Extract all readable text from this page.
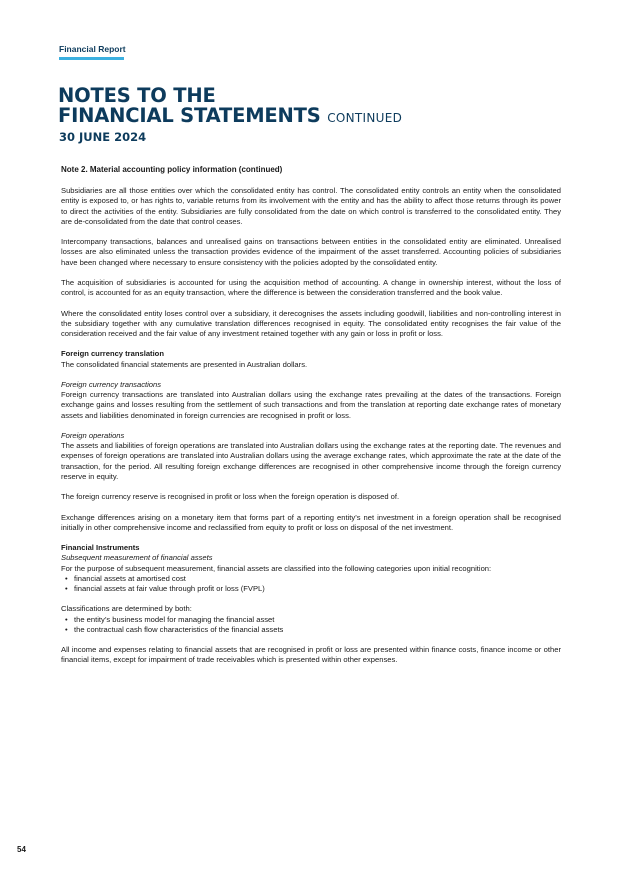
Financial Report
NOTES TO THE
FINANCIAL STATEMENTS CONTINUED
30 JUNE 2024

Note 2. Material accounting policy information (continued)

Subsidiaries are all those entities over which the consolidated entity has control. The consolidated entity controls an entity when the consolidated entity is exposed to, or has rights to, variable returns from its involvement with the entity and has the ability to affect those returns through its power to direct the activities of the entity. Subsidiaries are fully consolidated from the date on which control is transferred to the consolidated entity. They are de-consolidated from the date that control ceases.

Intercompany transactions, balances and unrealised gains on transactions between entities in the consolidated entity are eliminated. Unrealised losses are also eliminated unless the transaction provides evidence of the impairment of the asset transferred. Accounting policies of subsidiaries have been changed where necessary to ensure consistency with the policies adopted by the consolidated entity.

The acquisition of subsidiaries is accounted for using the acquisition method of accounting. A change in ownership interest, without the loss of control, is accounted for as an equity transaction, where the difference is between the consideration transferred and the book value.

Where the consolidated entity loses control over a subsidiary, it derecognises the assets including goodwill, liabilities and non-controlling interest in the subsidiary together with any cumulative translation differences recognised in equity. The consolidated entity recognises the fair value of the consideration received and the fair value of any investment retained together with any gain or loss in profit or loss.

Foreign currency translation

The consolidated financial statements are presented in Australian dollars.

Foreign currency transactions

Foreign currency transactions are translated into Australian dollars using the exchange rates prevailing at the dates of the transactions. Foreign exchange gains and losses resulting from the settlement of such transactions and from the translation at reporting date exchange rates of monetary assets and liabilities denominated in foreign currencies are recognised in profit or loss.

Foreign operations

The assets and liabilities of foreign operations are translated into Australian dollars using the exchange rates at the reporting date. The revenues and expenses of foreign operations are translated into Australian dollars using the average exchange rates, which approximate the rate at the date of the transaction, for the period. All resulting foreign exchange differences are recognised in other comprehensive income through the foreign currency reserve in equity.

The foreign currency reserve is recognised in profit or loss when the foreign operation is disposed of.

Exchange differences arising on a monetary item that forms part of a reporting entity’s net investment in a foreign operation shall be recognised initially in other comprehensive income and reclassified from equity to profit or loss on disposal of the net investment.

Financial Instruments

Subsequent measurement of financial assets

For the purpose of subsequent measurement, financial assets are classified into the following categories upon initial recognition:

• financial assets at amortised cost
• financial assets at fair value through profit or loss (FVPL)

Classifications are determined by both:

• the entity’s business model for managing the financial asset
• the contractual cash flow characteristics of the financial assets

All income and expenses relating to financial assets that are recognised in profit or loss are presented within finance costs, finance income or other financial items, except for impairment of trade receivables which is presented within other expenses.

54
